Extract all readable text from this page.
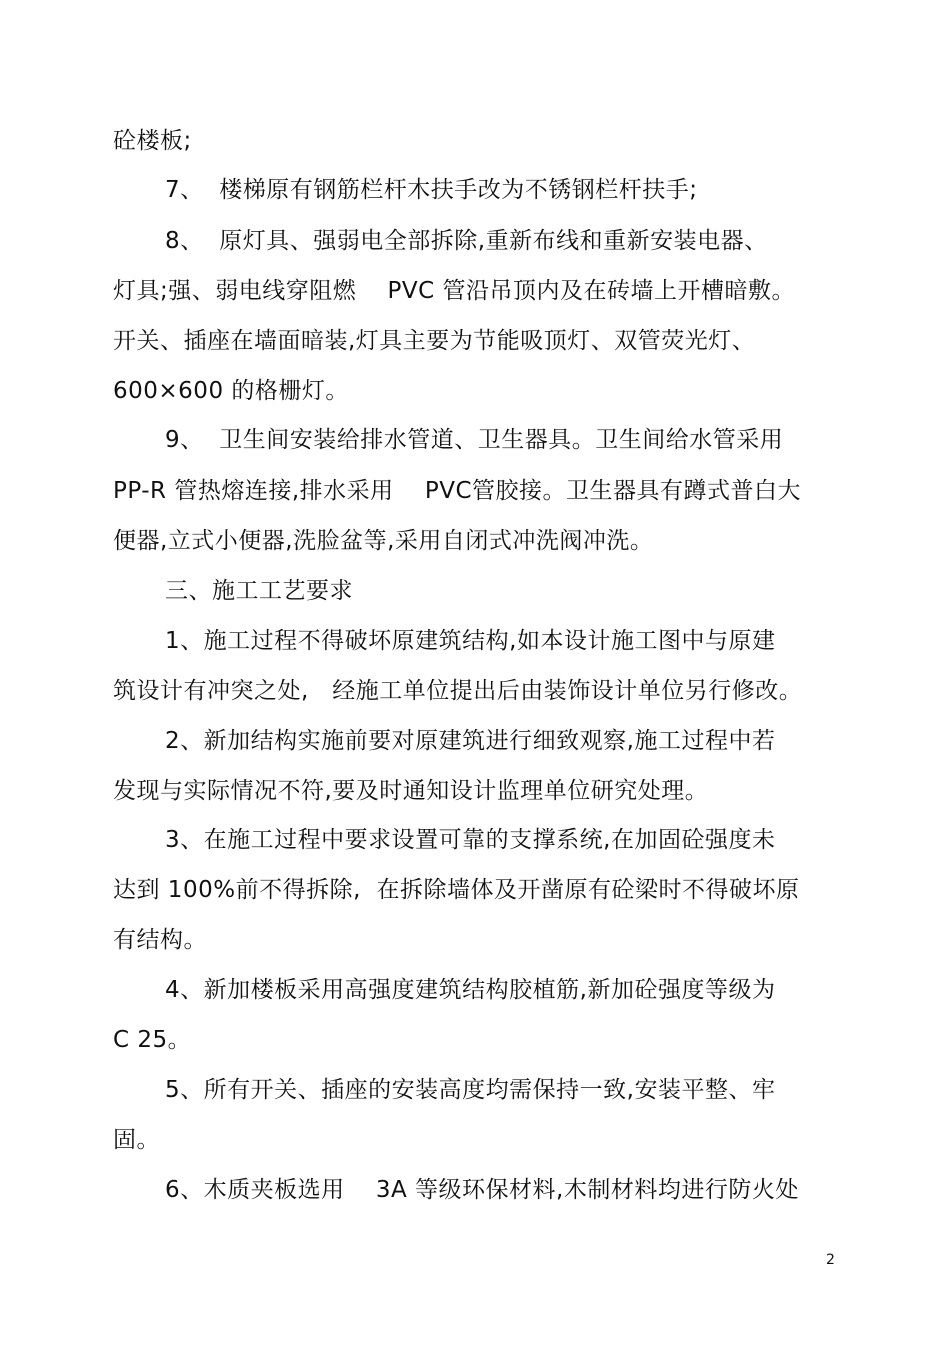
砼楼板;
7、  楼梯原有钢筋栏杆木扶手改为不锈钢栏杆扶手;
8、  原灯具、强弱电全部拆除,重新布线和重新安装电器、
灯具;强、弱电线穿阻燃    PVC 管沿吊顶内及在砖墙上开槽暗敷。
开关、插座在墙面暗装,灯具主要为节能吸顶灯、双管荧光灯、
600×600 的格栅灯。
9、  卫生间安装给排水管道、卫生器具。卫生间给水管采用
PP-R 管热熔连接,排水采用    PVC管胶接。卫生器具有蹲式普白大
便器,立式小便器,洗脸盆等,采用自闭式冲洗阀冲洗。
三、施工工艺要求
1、施工过程不得破坏原建筑结构,如本设计施工图中与原建
筑设计有冲突之处,   经施工单位提出后由装饰设计单位另行修改。
2、新加结构实施前要对原建筑进行细致观察,施工过程中若
发现与实际情况不符,要及时通知设计监理单位研究处理。
3、在施工过程中要求设置可靠的支撑系统,在加固砼强度未
达到 100%前不得拆除,  在拆除墙体及开凿原有砼梁时不得破坏原
有结构。
4、新加楼板采用高强度建筑结构胶植筋,新加砼强度等级为
C 25。
5、所有开关、插座的安装高度均需保持一致,安装平整、牢
固。
6、木质夹板选用    3A 等级环保材料,木制材料均进行防火处
2
